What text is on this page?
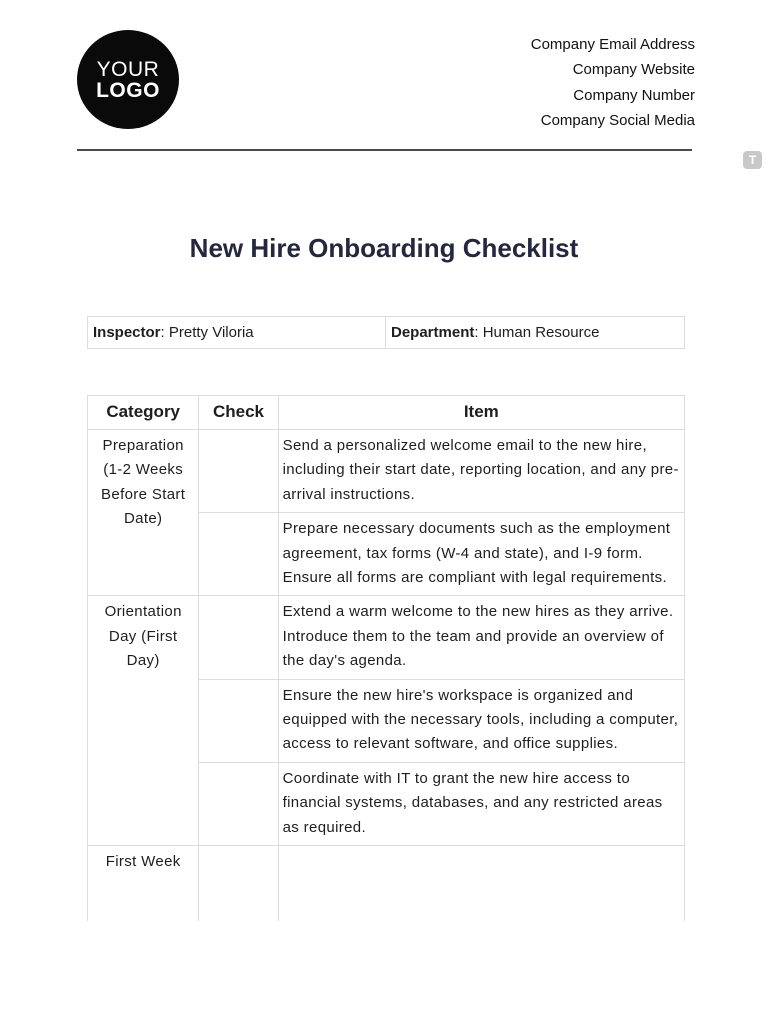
YOUR
LOGO
Company Email Address
Company Website
Company Number
Company Social Media
T
New Hire Onboarding Checklist
Inspector: Pretty Viloria	Department: Human Resource
Category	Check	Item
Preparation (1-2 Weeks Before Start Date)		Send a personalized welcome email to the new hire, including their start date, reporting location, and any pre-arrival instructions.
		Prepare necessary documents such as the employment agreement, tax forms (W-4 and state), and I-9 form. Ensure all forms are compliant with legal requirements.
Orientation Day (First Day)		Extend a warm welcome to the new hires as they arrive. Introduce them to the team and provide an overview of the day's agenda.
		Ensure the new hire's workspace is organized and equipped with the necessary tools, including a computer, access to relevant software, and office supplies.
		Coordinate with IT to grant the new hire access to financial systems, databases, and any restricted areas as required.
First Week		
